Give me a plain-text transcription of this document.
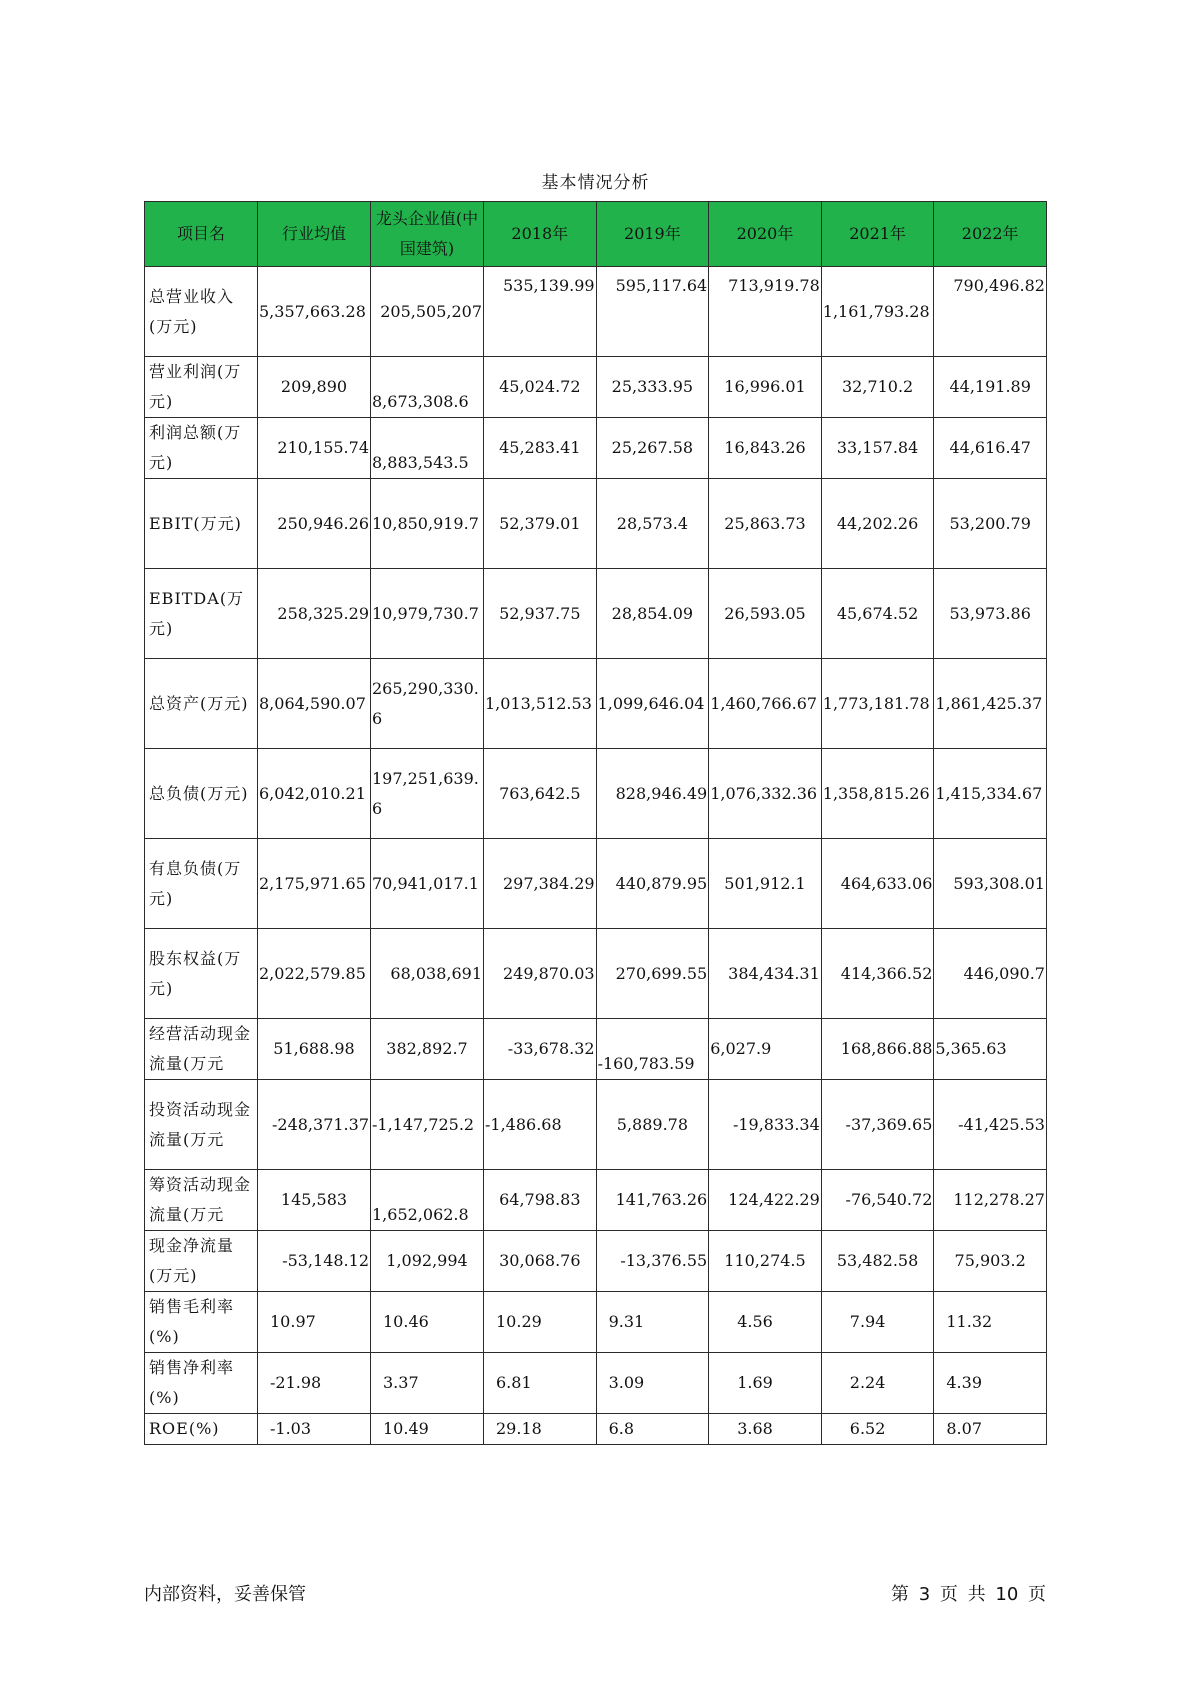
基本情况分析
项目名	行业均值	龙头企业值(中国建筑)	2018年	2019年	2020年	2021年	2022年
总营业收入(万元)	5,357,663.28	205,505,207	535,139.99	595,117.64	713,919.78	1,161,793.28	790,496.82
营业利润(万元)	209,890	8,673,308.6	45,024.72	25,333.95	16,996.01	32,710.2	44,191.89
利润总额(万元)	210,155.74	8,883,543.5	45,283.41	25,267.58	16,843.26	33,157.84	44,616.47
EBIT(万元)	250,946.26	10,850,919.7	52,379.01	28,573.4	25,863.73	44,202.26	53,200.79
EBITDA(万元)	258,325.29	10,979,730.7	52,937.75	28,854.09	26,593.05	45,674.52	53,973.86
总资产(万元)	8,064,590.07	265,290,330.6	1,013,512.53	1,099,646.04	1,460,766.67	1,773,181.78	1,861,425.37
总负债(万元)	6,042,010.21	197,251,639.6	763,642.5	828,946.49	1,076,332.36	1,358,815.26	1,415,334.67
有息负债(万元)	2,175,971.65	70,941,017.1	297,384.29	440,879.95	501,912.1	464,633.06	593,308.01
股东权益(万元)	2,022,579.85	68,038,691	249,870.03	270,699.55	384,434.31	414,366.52	446,090.7
经营活动现金流量(万元	51,688.98	382,892.7	-33,678.32	-160,783.59	6,027.9	168,866.88	5,365.63
投资活动现金流量(万元	-248,371.37	-1,147,725.2	-1,486.68	5,889.78	-19,833.34	-37,369.65	-41,425.53
筹资活动现金流量(万元	145,583	1,652,062.8	64,798.83	141,763.26	124,422.29	-76,540.72	112,278.27
现金净流量(万元)	-53,148.12	1,092,994	30,068.76	-13,376.55	110,274.5	53,482.58	75,903.2
销售毛利率(%)	10.97	10.46	10.29	9.31	4.56	7.94	11.32
销售净利率(%)	-21.98	3.37	6.81	3.09	1.69	2.24	4.39
ROE(%)	-1.03	10.49	29.18	6.8	3.68	6.52	8.07
内部资料，妥善保管	第 3 页 共 10 页
